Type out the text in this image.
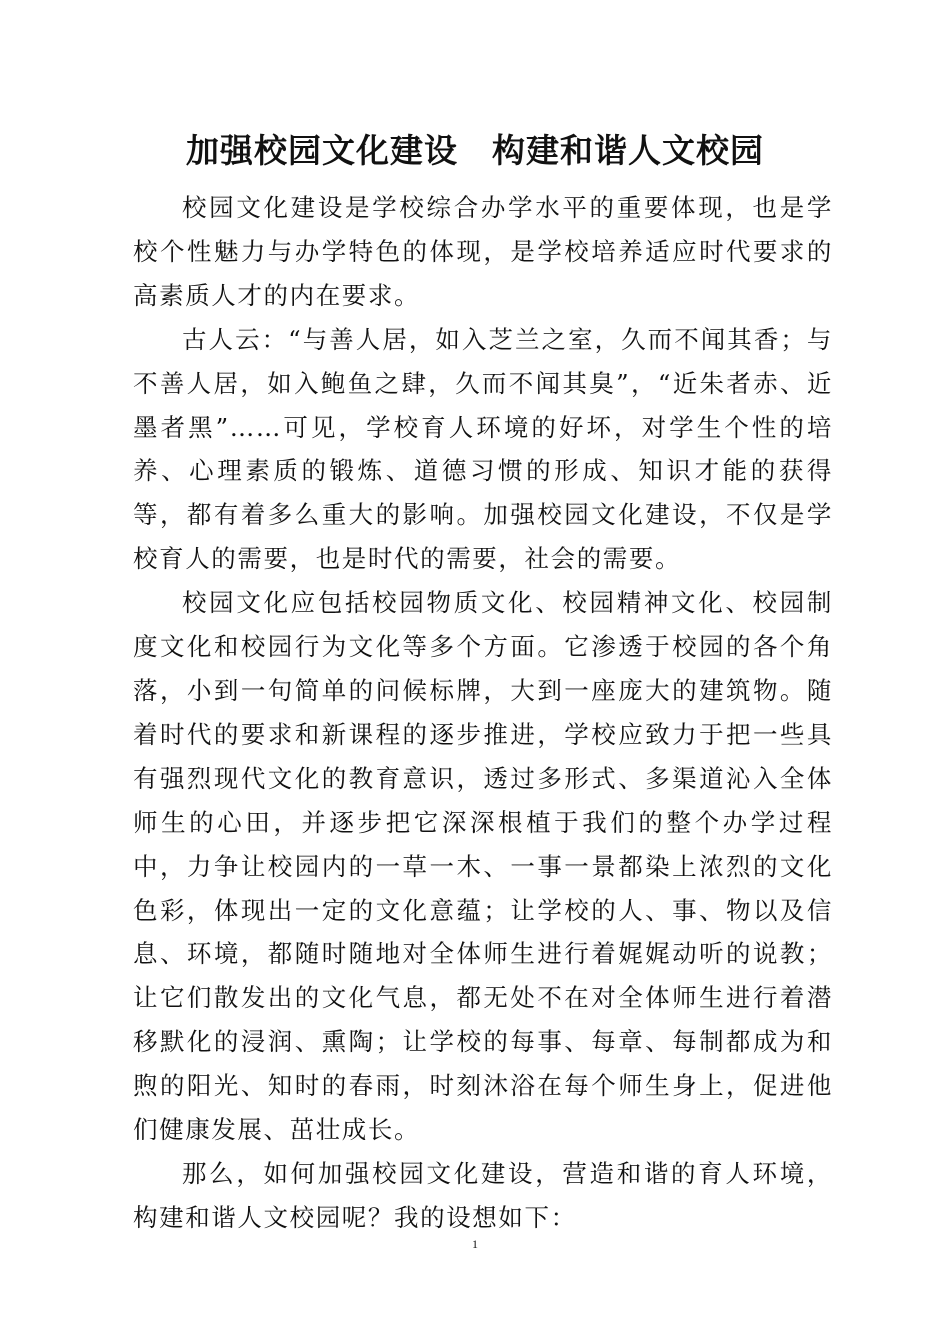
加强校园文化建设　构建和谐人文校园

校园文化建设是学校综合办学水平的重要体现，也是学校个性魅力与办学特色的体现，是学校培养适应时代要求的高素质人才的内在要求。

古人云：“与善人居，如入芝兰之室，久而不闻其香；与不善人居，如入鲍鱼之肆，久而不闻其臭”，“近朱者赤、近墨者黑”……可见，学校育人环境的好坏，对学生个性的培养、心理素质的锻炼、道德习惯的形成、知识才能的获得等，都有着多么重大的影响。加强校园文化建设，不仅是学校育人的需要，也是时代的需要，社会的需要。

校园文化应包括校园物质文化、校园精神文化、校园制度文化和校园行为文化等多个方面。它渗透于校园的各个角落，小到一句简单的问候标牌，大到一座庞大的建筑物。随着时代的要求和新课程的逐步推进，学校应致力于把一些具有强烈现代文化的教育意识，透过多形式、多渠道沁入全体师生的心田，并逐步把它深深根植于我们的整个办学过程中，力争让校园内的一草一木、一事一景都染上浓烈的文化色彩，体现出一定的文化意蕴；让学校的人、事、物以及信息、环境，都随时随地对全体师生进行着娓娓动听的说教；让它们散发出的文化气息，都无处不在对全体师生进行着潜移默化的浸润、熏陶；让学校的每事、每章、每制都成为和煦的阳光、知时的春雨，时刻沐浴在每个师生身上，促进他们健康发展、茁壮成长。

那么，如何加强校园文化建设，营造和谐的育人环境，构建和谐人文校园呢？我的设想如下：

1
